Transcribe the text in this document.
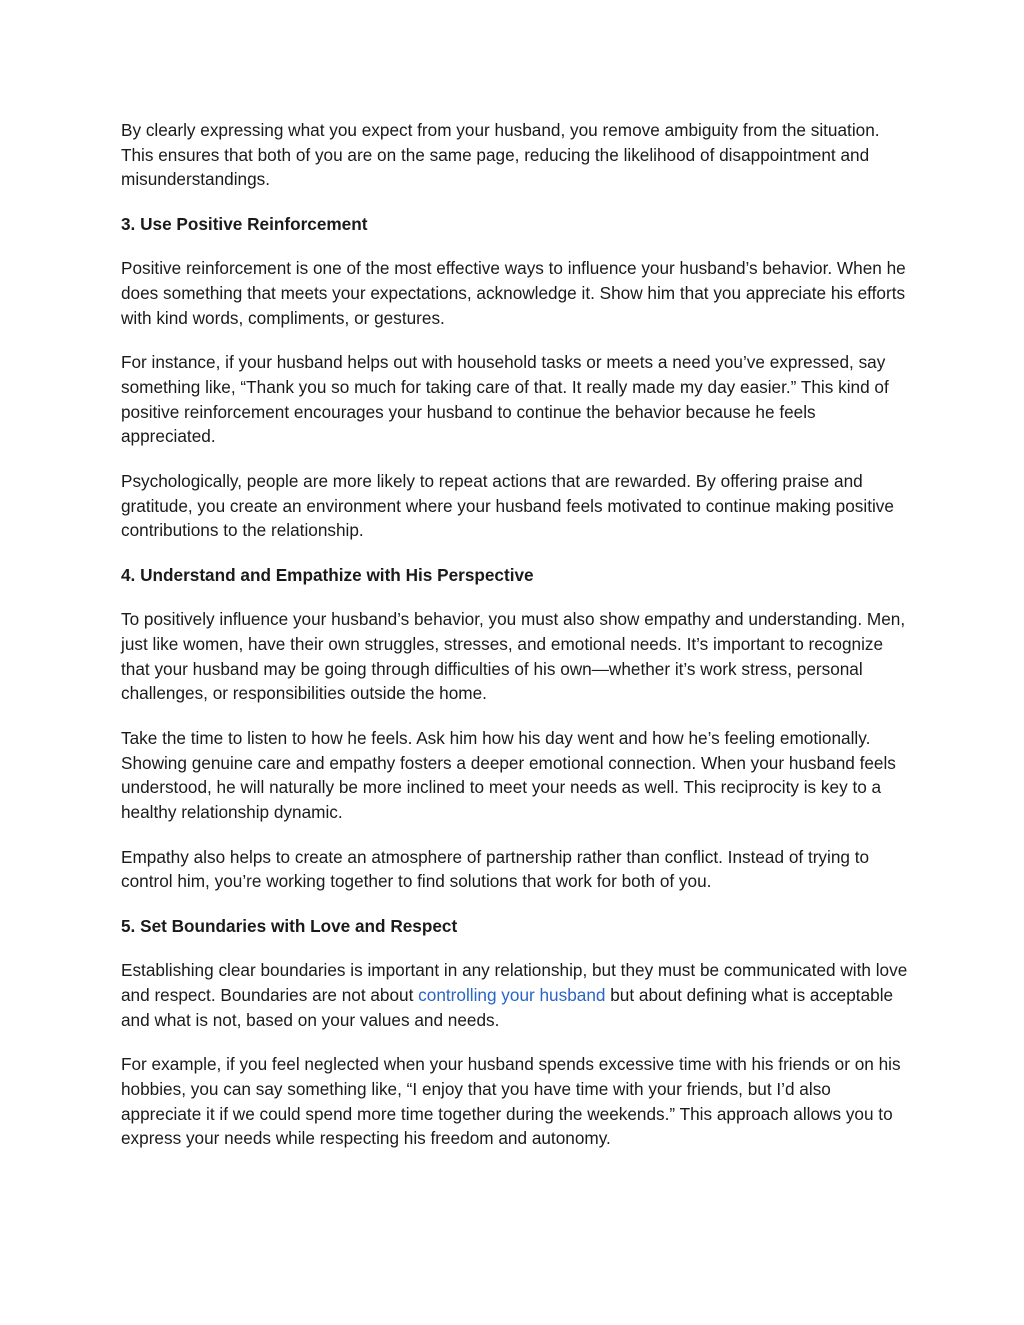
By clearly expressing what you expect from your husband, you remove ambiguity from the situation. This ensures that both of you are on the same page, reducing the likelihood of disappointment and misunderstandings.

3. Use Positive Reinforcement

Positive reinforcement is one of the most effective ways to influence your husband’s behavior. When he does something that meets your expectations, acknowledge it. Show him that you appreciate his efforts with kind words, compliments, or gestures.

For instance, if your husband helps out with household tasks or meets a need you’ve expressed, say something like, “Thank you so much for taking care of that. It really made my day easier.” This kind of positive reinforcement encourages your husband to continue the behavior because he feels appreciated.

Psychologically, people are more likely to repeat actions that are rewarded. By offering praise and gratitude, you create an environment where your husband feels motivated to continue making positive contributions to the relationship.

4. Understand and Empathize with His Perspective

To positively influence your husband’s behavior, you must also show empathy and understanding. Men, just like women, have their own struggles, stresses, and emotional needs. It’s important to recognize that your husband may be going through difficulties of his own—whether it’s work stress, personal challenges, or responsibilities outside the home.

Take the time to listen to how he feels. Ask him how his day went and how he’s feeling emotionally. Showing genuine care and empathy fosters a deeper emotional connection. When your husband feels understood, he will naturally be more inclined to meet your needs as well. This reciprocity is key to a healthy relationship dynamic.

Empathy also helps to create an atmosphere of partnership rather than conflict. Instead of trying to control him, you’re working together to find solutions that work for both of you.

5. Set Boundaries with Love and Respect

Establishing clear boundaries is important in any relationship, but they must be communicated with love and respect. Boundaries are not about controlling your husband but about defining what is acceptable and what is not, based on your values and needs.

For example, if you feel neglected when your husband spends excessive time with his friends or on his hobbies, you can say something like, “I enjoy that you have time with your friends, but I’d also appreciate it if we could spend more time together during the weekends.” This approach allows you to express your needs while respecting his freedom and autonomy.
